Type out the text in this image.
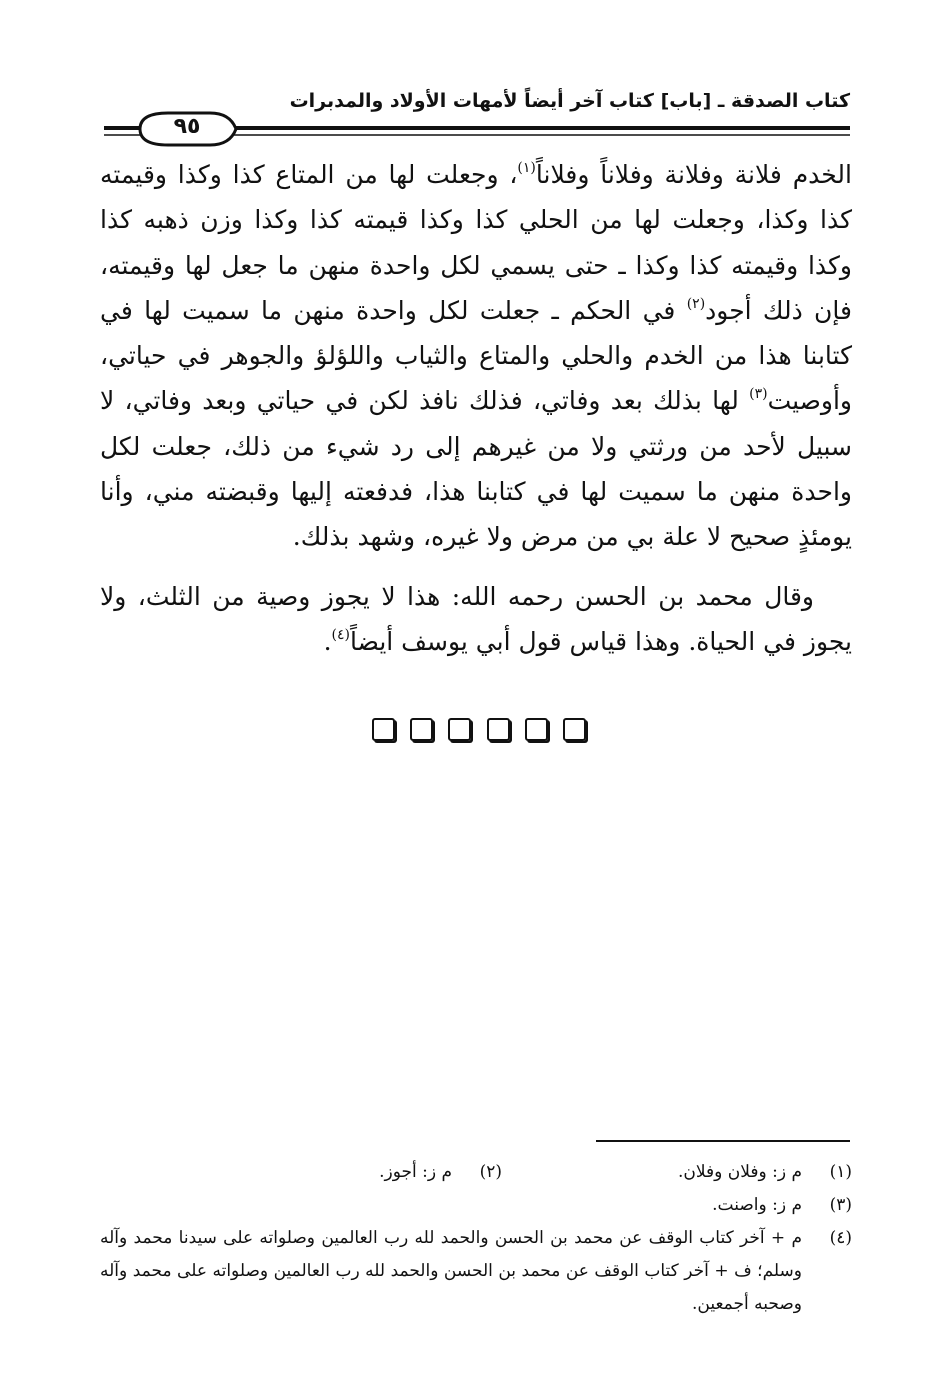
كتاب الصدقة ـ [باب] كتاب آخر أيضاً لأمهات الأولاد والمدبرات
٩٥

الخدم فلانة وفلانة وفلاناً وفلاناً$^{(١)}$، وجعلت لها من المتاع كذا وكذا وقيمته كذا وكذا، وجعلت لها من الحلي كذا وكذا قيمته كذا وكذا وزن ذهبه كذا وكذا وقيمته كذا وكذا ـ حتى يسمي لكل واحدة منهن ما جعل لها وقيمته، فإن ذلك أجود$^{(٢)}$ في الحكم ـ جعلت لكل واحدة منهن ما سميت لها في كتابنا هذا من الخدم والحلي والمتاع والثياب واللؤلؤ والجوهر في حياتي، وأوصيت$^{(٣)}$ لها بذلك بعد وفاتي، فذلك نافذ لكن في حياتي وبعد وفاتي، لا سبيل لأحد من ورثتي ولا من غيرهم إلى رد شيء من ذلك، جعلت لكل واحدة منهن ما سميت لها في كتابنا هذا، فدفعته إليها وقبضته مني، وأنا يومئذٍ صحيح لا علة بي من مرض ولا غيره، وشهد بذلك.

وقال محمد بن الحسن رحمه الله: هذا لا يجوز وصية من الثلث، ولا يجوز في الحياة. وهذا قياس قول أبي يوسف أيضاً$^{(٤)}$.

(١)
م ز: وفلان وفلان.
(٢)
م ز: أجوز.
(٣)
م ز: واصنت.
(٤)
م + آخر كتاب الوقف عن محمد بن الحسن والحمد لله رب العالمين وصلواته على سيدنا محمد وآله وسلم؛ ف + آخر كتاب الوقف عن محمد بن الحسن والحمد لله رب العالمين وصلواته على محمد وآله وصحبه أجمعين.
